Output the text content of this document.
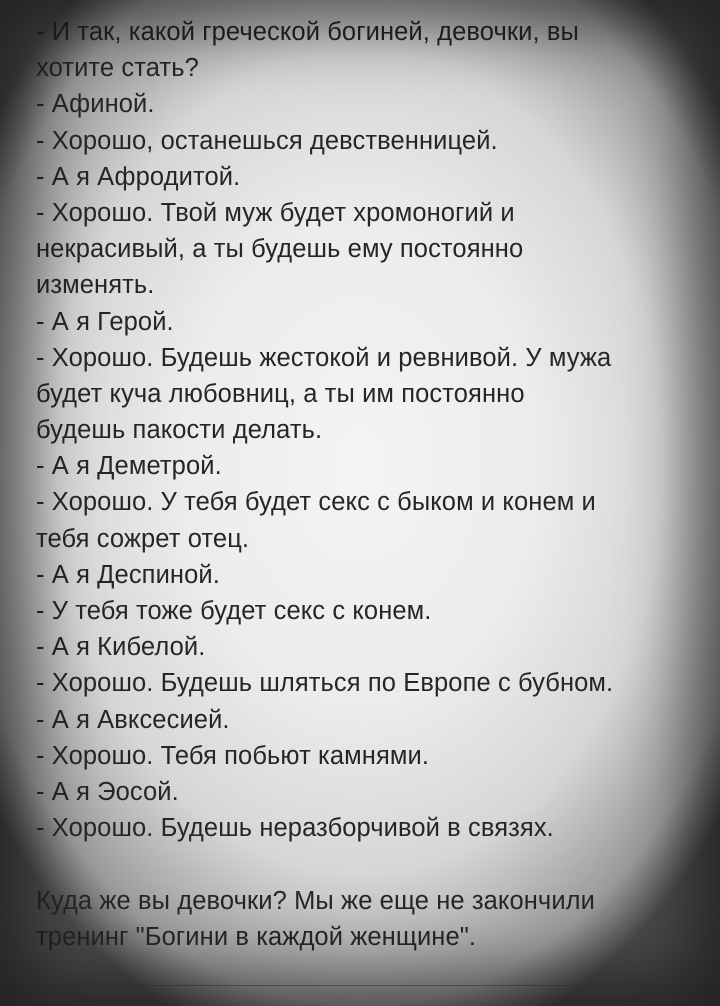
- И так, какой греческой богиней, девочки, вы
хотите стать?
- Афиной.
- Хорошо, останешься девственницей.
- А я Афродитой.
- Хорошо. Твой муж будет хромоногий и
некрасивый, а ты будешь ему постоянно
изменять.
- А я Герой.
- Хорошо. Будешь жестокой и ревнивой. У мужа
будет куча любовниц, а ты им постоянно
будешь пакости делать.
- А я Деметрой.
- Хорошо. У тебя будет секс с быком и конем и
тебя сожрет отец.
- А я Деспиной.
- У тебя тоже будет секс с конем.
- А я Кибелой.
- Хорошо. Будешь шляться по Европе с бубном.
- А я Авксесией.
- Хорошо. Тебя побьют камнями.
- А я Эосой.
- Хорошо. Будешь неразборчивой в связях.
Куда же вы девочки? Мы же еще не закончили
тренинг "Богини в каждой женщине".
